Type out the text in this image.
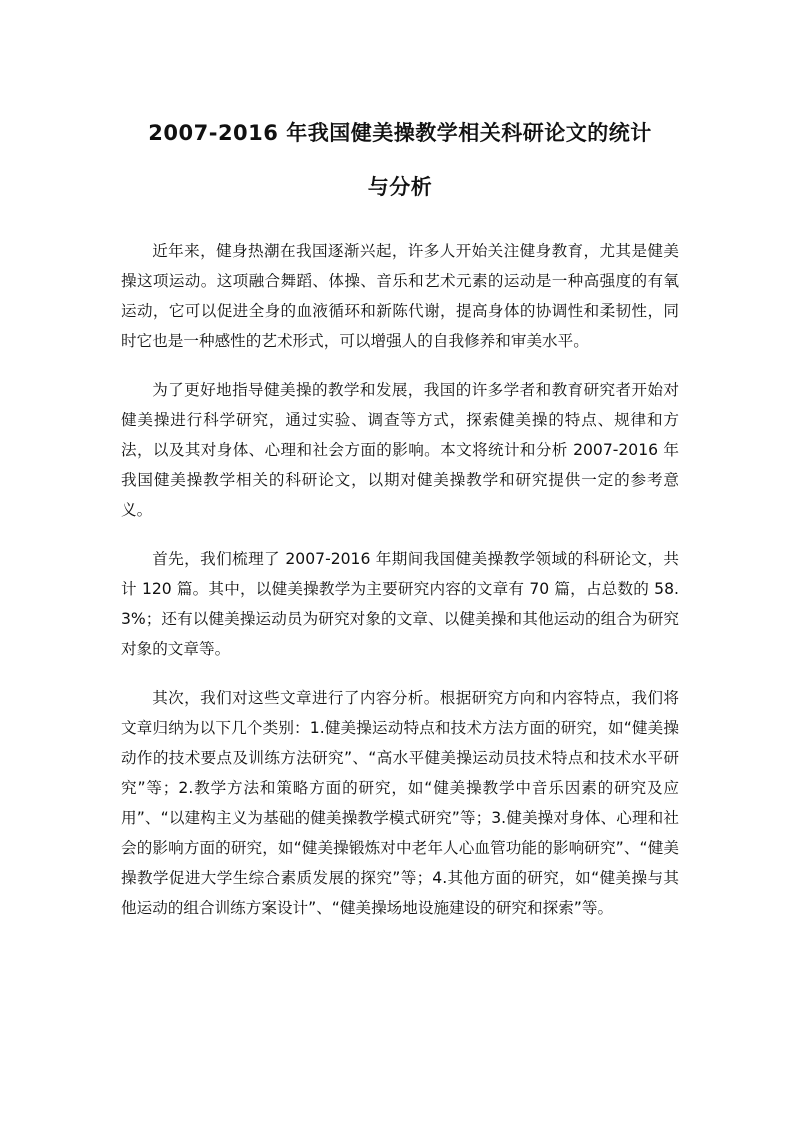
2007-2016 年我国健美操教学相关科研论文的统计
与分析

近年来，健身热潮在我国逐渐兴起，许多人开始关注健身教育，尤其是健美操这项运动。这项融合舞蹈、体操、音乐和艺术元素的运动是一种高强度的有氧运动，它可以促进全身的血液循环和新陈代谢，提高身体的协调性和柔韧性，同时它也是一种感性的艺术形式，可以增强人的自我修养和审美水平。

为了更好地指导健美操的教学和发展，我国的许多学者和教育研究者开始对健美操进行科学研究，通过实验、调查等方式，探索健美操的特点、规律和方法，以及其对身体、心理和社会方面的影响。本文将统计和分析 2007-2016 年我国健美操教学相关的科研论文，以期对健美操教学和研究提供一定的参考意义。

首先，我们梳理了 2007-2016 年期间我国健美操教学领域的科研论文，共计 120 篇。其中，以健美操教学为主要研究内容的文章有 70 篇，占总数的 58.3%；还有以健美操运动员为研究对象的文章、以健美操和其他运动的组合为研究对象的文章等。

其次，我们对这些文章进行了内容分析。根据研究方向和内容特点，我们将文章归纳为以下几个类别：1.健美操运动特点和技术方法方面的研究，如“健美操动作的技术要点及训练方法研究”、“高水平健美操运动员技术特点和技术水平研究”等；2.教学方法和策略方面的研究，如“健美操教学中音乐因素的研究及应用”、“以建构主义为基础的健美操教学模式研究”等；3.健美操对身体、心理和社会的影响方面的研究，如“健美操锻炼对中老年人心血管功能的影响研究”、“健美操教学促进大学生综合素质发展的探究”等；4.其他方面的研究，如“健美操与其他运动的组合训练方案设计”、“健美操场地设施建设的研究和探索”等。
